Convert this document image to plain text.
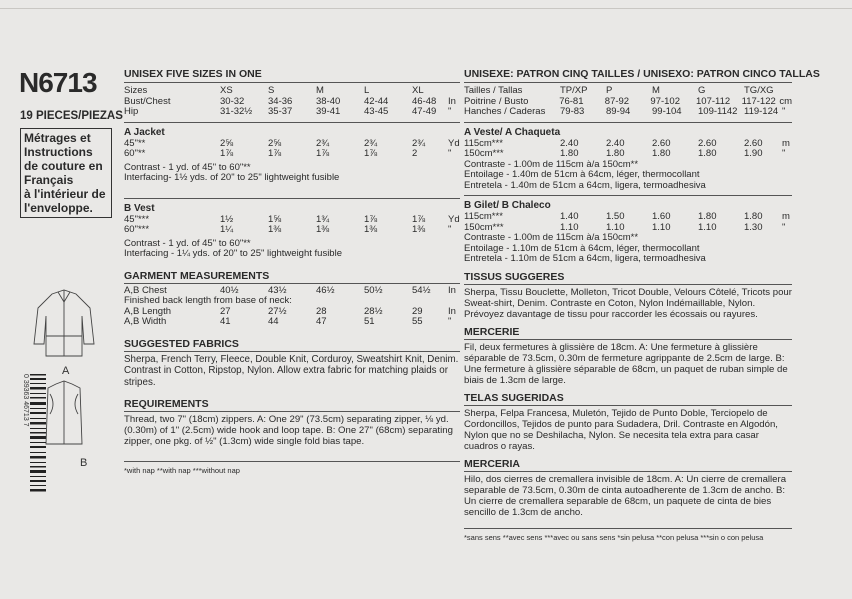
N6713
19 PIECES/PIEZAS
Métrages et
Instructions
de couture en
Français
à l'intérieur de
l'enveloppe.
A
B
0 39363 46713 7
UNISEX FIVE SIZES IN ONE
Sizes	XS	S	M	L	XL
Bust/Chest	30-32	34-36	38-40	42-44	46-48	In
Hip	31-32½	35-37	39-41	43-45	47-49	"
A Jacket
45"**	2⅝	2⅝	2¾	2¾	2¾	Yd
60"**	1⅞	1⅞	1⅞	1⅞	2	"
Contrast - 1 yd. of 45" to 60"**
Interfacing- 1½ yds. of 20" to 25" lightweight fusible
B Vest
45"***	1½	1⅝	1¾	1⅞	1⅞	Yd
60"***	1¼	1⅜	1⅜	1⅜	1⅜	"
Contrast - 1 yd. of 45" to 60"**
Interfacing - 1¼ yds. of 20" to 25" lightweight fusible
GARMENT MEASUREMENTS
A,B Chest	40½	43½	46½	50½	54½	In
Finished back length from base of neck:
A,B Length	27	27½	28	28½	29	In
A,B Width	41	44	47	51	55	"
SUGGESTED FABRICS
Sherpa, French Terry, Fleece, Double Knit, Corduroy, Sweatshirt Knit, Denim. Contrast in Cotton, Ripstop, Nylon. Allow extra fabric for matching plaids or stripes.
REQUIREMENTS
Thread, two 7" (18cm) zippers. A: One 29" (73.5cm) separating zipper, ⅛ yd. (0.30m) of 1" (2.5cm) wide hook and loop tape. B: One 27" (68cm) separating zipper, one pkg. of ½" (1.3cm) wide single fold bias tape.
*with nap **with nap ***without nap
UNISEXE: PATRON CINQ TAILLES / UNISEXO: PATRON CINCO TALLAS
Tailles / Tallas	TP/XP	P	M	G	TG/XG
Poitrine / Busto	76-81	87-92	97-102	107-112	117-122 cm
Hanches / Caderas	79-83	89-94	99-104	109-1142 119-124 "
A Veste/ A Chaqueta
115cm***	2.40	2.40	2.60	2.60	2.60	m
150cm***	1.80	1.80	1.80	1.80	1.90	"
Contraste - 1.00m de 115cm à/a 150cm**
Entoilage - 1.40m de 51cm à 64cm, léger, thermocollant
Entretela - 1.40m de 51cm a 64cm, ligera, termoadhesiva
B Gilet/ B Chaleco
115cm***	1.40	1.50	1.60	1.80	1.80	m
150cm***	1.10	1.10	1.10	1.10	1.30	"
Contraste - 1.00m de 115cm à/a 150cm**
Entoilage - 1.10m de 51cm à 64cm, léger, thermocollant
Entretela - 1.10m de 51cm a 64cm, ligera, termoadhesiva
TISSUS SUGGERES
Sherpa, Tissu Bouclette, Molleton, Tricot Double, Velours Côtelé, Tricots pour Sweat-shirt, Denim. Contraste en Coton, Nylon Indémaillable, Nylon. Prévoyez davantage de tissu pour raccorder les écossais ou rayures.
MERCERIE
Fil, deux fermetures à glissière de 18cm. A: Une fermeture à glissière séparable de 73.5cm, 0.30m de fermeture agrippante de 2.5cm de large. B: Une fermeture à glissière séparable de 68cm, un paquet de ruban simple de biais de 1.3cm de large.
TELAS SUGERIDAS
Sherpa, Felpa Francesa, Muletón, Tejido de Punto Doble, Terciopelo de Cordoncillos, Tejidos de punto para Sudadera, Dril. Contraste en Algodón, Nylon que no se Deshilacha, Nylon. Se necesita tela extra para casar cuadros o rayas.
MERCERIA
Hilo, dos cierres de cremallera invisible de 18cm. A: Un cierre de cremallera separable de 73.5cm, 0.30m de cinta autoadherente de 1.3cm de ancho. B: Un cierre de cremallera separable de 68cm, un paquete de cinta de bies sencillo de 1.3cm de ancho.
*sans sens **avec sens ***avec ou sans sens *sin pelusa **con pelusa ***sin o con pelusa
